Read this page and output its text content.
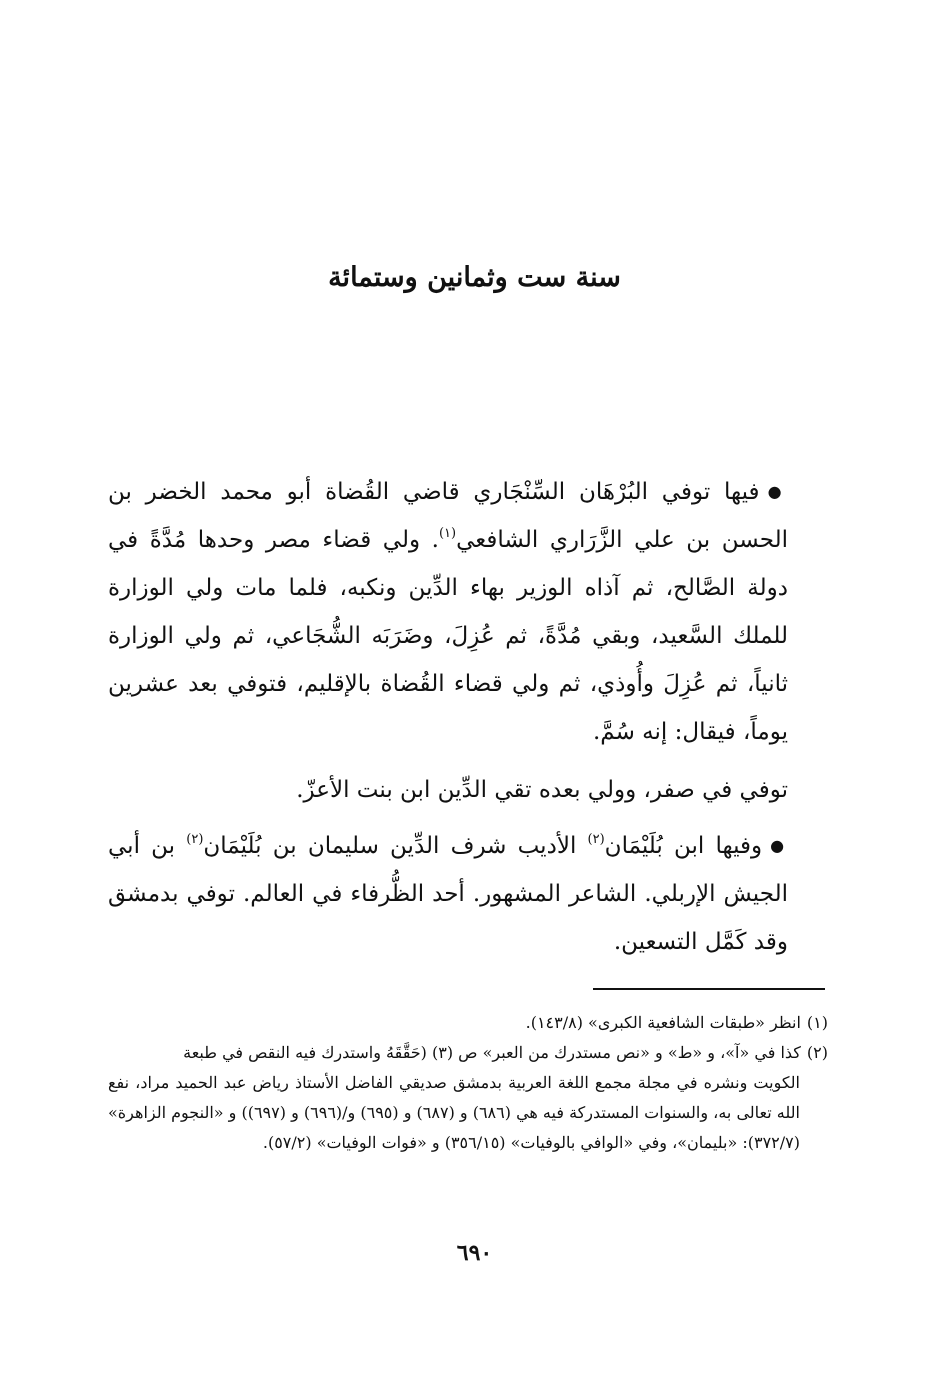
سنة ست وثمانين وستمائة

●فيها توفي البُرْهَان السِّنْجَاري قاضي القُضاة أبو محمد الخضر بن الحسن بن علي الزَّرَاري الشافعي$^{(١)}$. ولي قضاء مصر وحدها مُدَّةً في دولة الصَّالح، ثم آذاه الوزير بهاء الدِّين ونكبه، فلما مات ولي الوزارة للملك السَّعيد، وبقي مُدَّةً، ثم عُزِلَ، وضَرَبَه الشُّجَاعي، ثم ولي الوزارة ثانياً، ثم عُزِلَ وأُوذي، ثم ولي قضاء القُضاة بالإقليم، فتوفي بعد عشرين يوماً، فيقال: إنه سُمَّ.

توفي في صفر، وولي بعده تقي الدِّين ابن بنت الأعزّ.

●وفيها ابن بُلَيْمَان$^{(٢)}$ الأديب شرف الدِّين سليمان بن بُلَيْمَان$^{(٢)}$ بن أبي الجيش الإربلي. الشاعر المشهور. أحد الظُّرفاء في العالم. توفي بدمشق وقد كَمَّل التسعين.

(١)انظر «طبقات الشافعية الكبرى» (١٤٣/٨).

(٢)كذا في «آ»، و «ط» و «نص مستدرك من العبر» ص (٣) (حَقَّقَهُ واستدرك فيه النقص في طبعة

الكويت ونشره في مجلة مجمع اللغة العربية بدمشق صديقي الفاضل الأستاذ رياض عبد الحميد مراد، نفع الله تعالى به، والسنوات المستدركة فيه هي (٦٨٦) و (٦٨٧) و (٦٩٥) و/(٦٩٦) و (٦٩٧)) و «النجوم الزاهرة» (٣٧٢/٧): «بليمان»، وفي «الوافي بالوفيات» (٣٥٦/١٥) و «فوات الوفيات» (٥٧/٢).

٦٩٠
